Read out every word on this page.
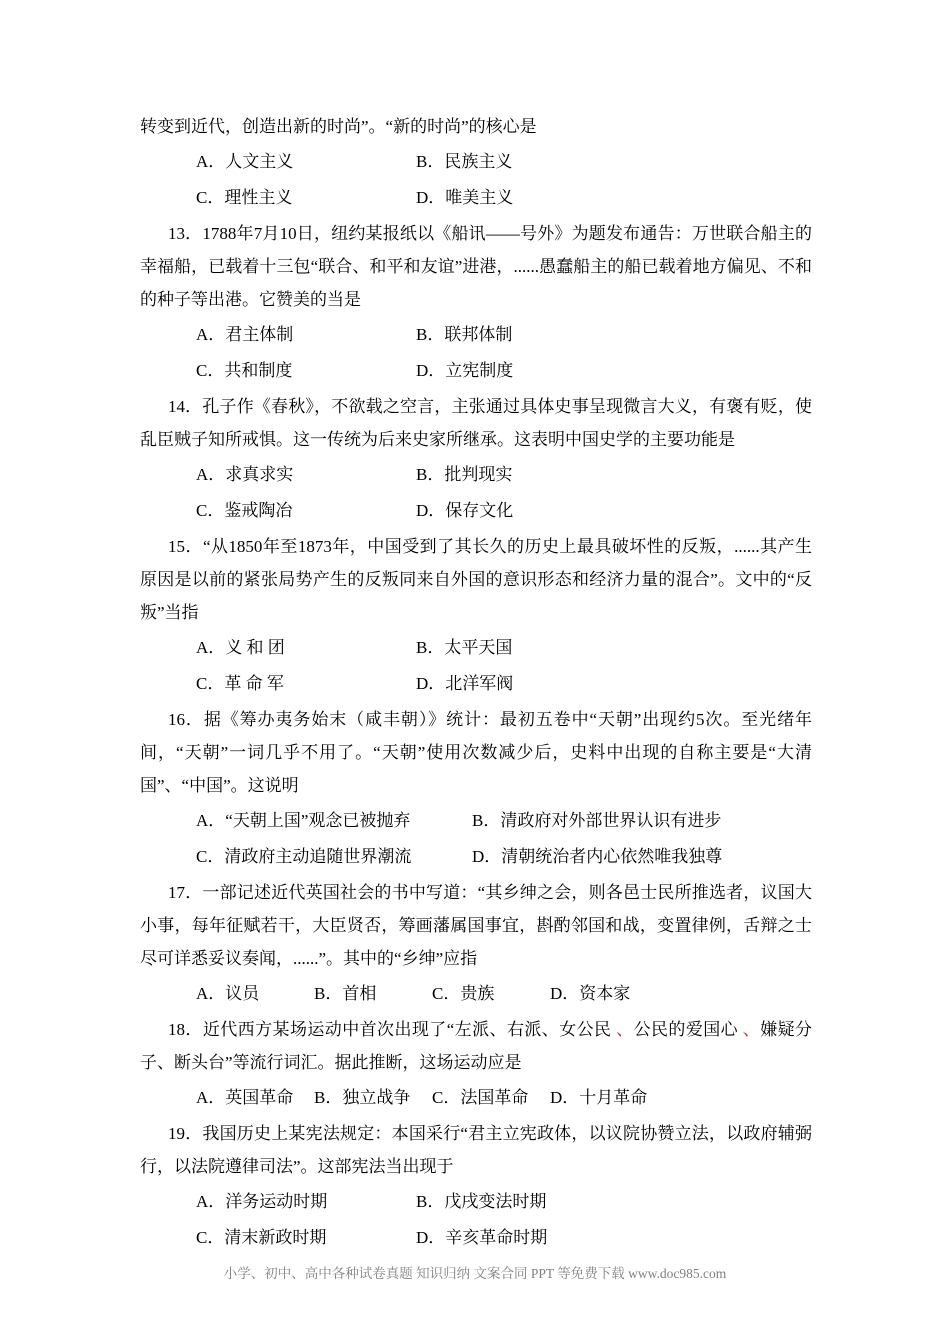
转变到近代，创造出新的时尚”。“新的时尚”的核心是

A．人文主义	B．民族主义
C．理性主义	D．唯美主义

13．1788年7月10日，纽约某报纸以《船讯——号外》为题发布通告：万世联合船主的幸福船，已载着十三包“联合、和平和友谊”进港，......愚蠢船主的船已载着地方偏见、不和的种子等出港。它赞美的当是

A．君主体制	B．联邦体制
C．共和制度	D．立宪制度

14．孔子作《春秋》，不欲载之空言，主张通过具体史事呈现微言大义，有褒有贬，使乱臣贼子知所戒惧。这一传统为后来史家所继承。这表明中国史学的主要功能是

A．求真求实	B．批判现实
C．鉴戒陶冶	D．保存文化

15．“从1850年至1873年，中国受到了其长久的历史上最具破坏性的反叛，......其产生原因是以前的紧张局势产生的反叛同来自外国的意识形态和经济力量的混合”。文中的“反叛”当指

A．义 和 团	B．太平天国
C．革 命 军	D．北洋军阀

16．据《筹办夷务始末（咸丰朝）》统计：最初五卷中“天朝”出现约5次。至光绪年间，“天朝”一词几乎不用了。“天朝”使用次数减少后，史料中出现的自称主要是“大清国”、“中国”。这说明

A．“天朝上国”观念已被抛弃	B．清政府对外部世界认识有进步
C．清政府主动追随世界潮流	D．清朝统治者内心依然唯我独尊

17．一部记述近代英国社会的书中写道：“其乡绅之会，则各邑士民所推选者，议国大小事，每年征赋若干，大臣贤否，筹画藩属国事宜，斟酌邻国和战，变置律例，舌辩之士尽可详悉妥议奏闻，......”。其中的“乡绅”应指

A．议员	B．首相	C．贵族	D．资本家

18．近代西方某场运动中首次出现了“左派、右派、女公民 、公民的爱国心 、嫌疑分子、断头台”等流行词汇。据此推断，这场运动应是

A．英国革命 B．独立战争 C．法国革命 D．十月革命

19．我国历史上某宪法规定：本国采行“君主立宪政体，以议院协赞立法，以政府辅弼行，以法院遵律司法”。这部宪法当出现于

A．洋务运动时期	B．戊戌变法时期
C．清末新政时期	D．辛亥革命时期
小学、初中、高中各种试卷真题 知识归纳 文案合同 PPT 等免费下载 www.doc985.com
